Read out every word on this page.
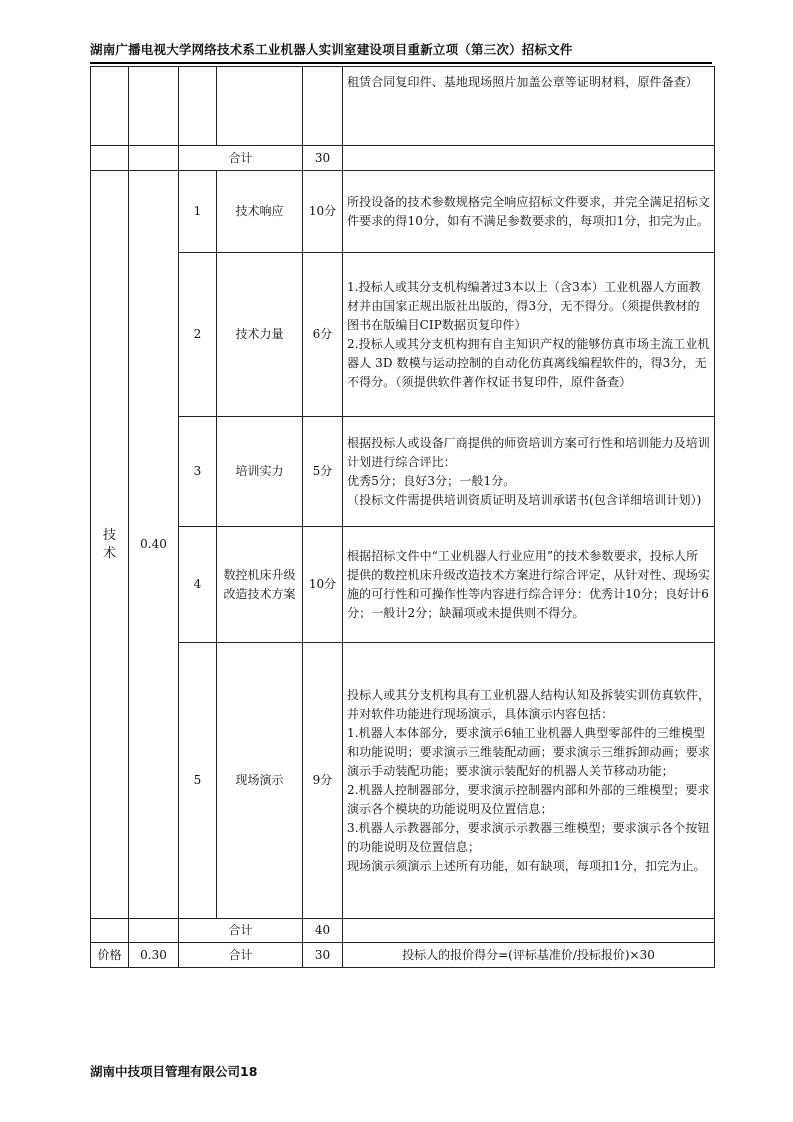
湖南广播电视大学网络技术系工业机器人实训室建设项目重新立项（第三次）招标文件

					租赁合同复印件、基地现场照片加盖公章等证明材料，原件备查）

		合计		30	
技术	0.40	1	技术响应	10分	所投设备的技术参数规格完全响应招标文件要求，并完全满足招标文件要求的得10分，如有不满足参数要求的，每项扣1分，扣完为止。

		2	技术力量	6分	1.投标人或其分支机构编著过3本以上（含3本）工业机器人方面教材并由国家正规出版社出版的，得3分，无不得分。（须提供教材的图书在版编目CIP数据页复印件）
2.投标人或其分支机构拥有自主知识产权的能够仿真市场主流工业机器人 3D 数模与运动控制的自动化仿真离线编程软件的，得3分，无不得分。（须提供软件著作权证书复印件，原件备查）

		3	培训实力	5分	根据投标人或设备厂商提供的师资培训方案可行性和培训能力及培训计划进行综合评比：
优秀5分；良好3分；一般1分。
（投标文件需提供培训资质证明及培训承诺书(包含详细培训计划）)

		4	数控机床升级改造技术方案	10分	根据招标文件中“工业机器人行业应用”的技术参数要求，投标人所提供的数控机床升级改造技术方案进行综合评定，从针对性、现场实施的可行性和可操作性等内容进行综合评分：优秀计10分；良好计6分；一般计2分；缺漏项或未提供则不得分。

		5	现场演示	9分	投标人或其分支机构具有工业机器人结构认知及拆装实训仿真软件，并对软件功能进行现场演示，具体演示内容包括：
1.机器人本体部分，要求演示6轴工业机器人典型零部件的三维模型和功能说明；要求演示三维装配动画；要求演示三维拆卸动画；要求演示手动装配功能；要求演示装配好的机器人关节移动功能；
2.机器人控制器部分，要求演示控制器内部和外部的三维模型；要求演示各个模块的功能说明及位置信息；
3.机器人示教器部分，要求演示示教器三维模型；要求演示各个按钮的功能说明及位置信息；
现场演示须演示上述所有功能，如有缺项，每项扣1分，扣完为止。

		合计		40	
价格	0.30	合计		30	投标人的报价得分=(评标基准价/投标报价)×30
湖南中技项目管理有限公司18
